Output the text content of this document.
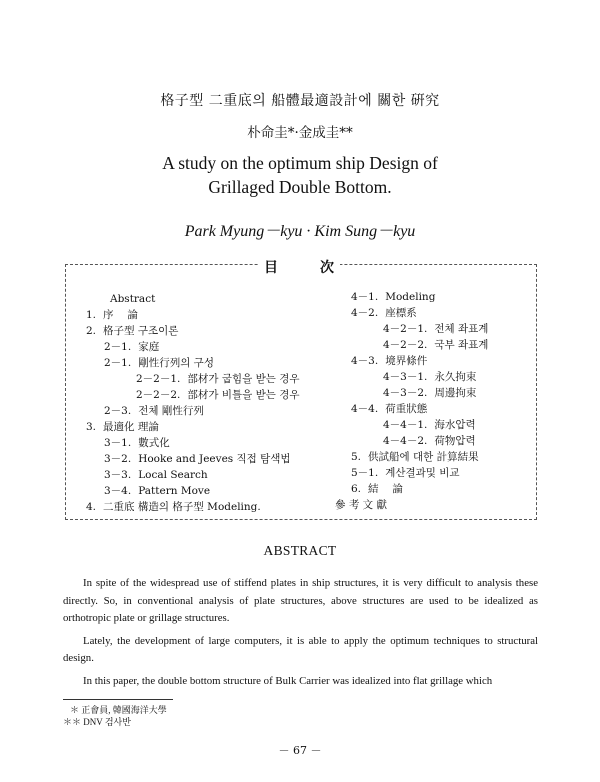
格子型 二重底의 船體最適設計에 關한 硏究
朴命圭*·金成圭**
A study on the optimum ship Design of
Grillaged Double Bottom.
Park Myung－kyu · Kim Sung－kyu
目	次
Abstract
1. 序　 論
2. 格子型 구조이론
2－1. 家庭
2－1. 剛性行列의 구성
2－2－1. 部材가 굽힘을 받는 경우
2－2－2. 部材가 비틀을 받는 경우
2－3. 전체 剛性行列
3. 最適化 理論
3－1. 數式化
3－2. Hooke and Jeeves 직접 탐색법
3－3. Local Search
3－4. Pattern Move
4. 二重底 構造의 格子型 Modeling.
4－1. Modeling
4－2. 座標系
4－2－1. 전체 좌표계
4－2－2. 국부 좌표계
4－3. 境界條件
4－3－1. 永久拘束
4－3－2. 周邊拘束
4－4. 荷重狀態
4－4－1. 海水압력
4－4－2. 荷物압력
5. 供試船에 대한 計算結果
5－1. 계산결과및 비교
6. 結　 論
參 考 文 獻
ABSTRACT

In spite of the widespread use of stiffend plates in ship structures, it is very difficult to analysis these directly. So, in conventional analysis of plate structures, above structures are used to be idealized as orthotropic plate or grillage structures.

Lately, the development of large computers, it is able to apply the optimum techniques to structural design.

In this paper, the double bottom structure of Bulk Carrier was idealized into flat grillage which

＊ 正會員, 韓國海洋大學
＊＊ DNV 검사반
－ 67 －
